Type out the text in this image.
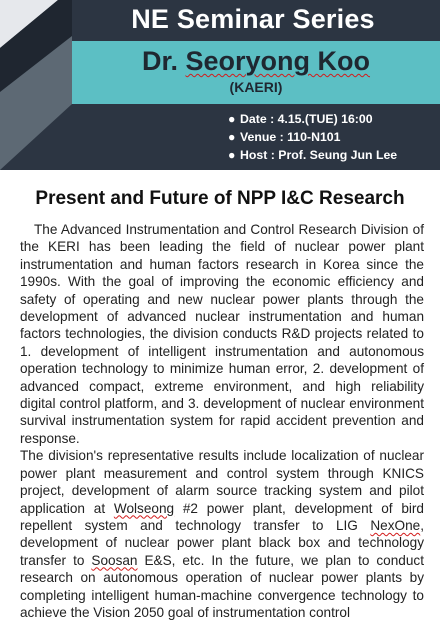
NE Seminar Series
Dr. Seoryong Koo
(KAERI)
● Date : 4.15.(TUE) 16:00
● Venue : 110-N101
● Host : Prof. Seung Jun Lee
Present and Future of NPP I&C Research

The Advanced Instrumentation and Control Research Division of the KERI has been leading the field of nuclear power plant instrumentation and human factors research in Korea since the 1990s. With the goal of improving the economic efficiency and safety of operating and new nuclear power plants through the development of advanced nuclear instrumentation and human factors technologies, the division conducts R&D projects related to 1. development of intelligent instrumentation and autonomous operation technology to minimize human error, 2. development of advanced compact, extreme environment, and high reliability digital control platform, and 3. development of nuclear environment survival instrumentation system for rapid accident prevention and response.

The division's representative results include localization of nuclear power plant measurement and control system through KNICS project, development of alarm source tracking system and pilot application at Wolseong #2 power plant, development of bird repellent system and technology transfer to LIG NexOne, development of nuclear power plant black box and technology transfer to Soosan E&S, etc. In the future, we plan to conduct research on autonomous operation of nuclear power plants by completing intelligent human-machine convergence technology to achieve the Vision 2050 goal of instrumentation control
